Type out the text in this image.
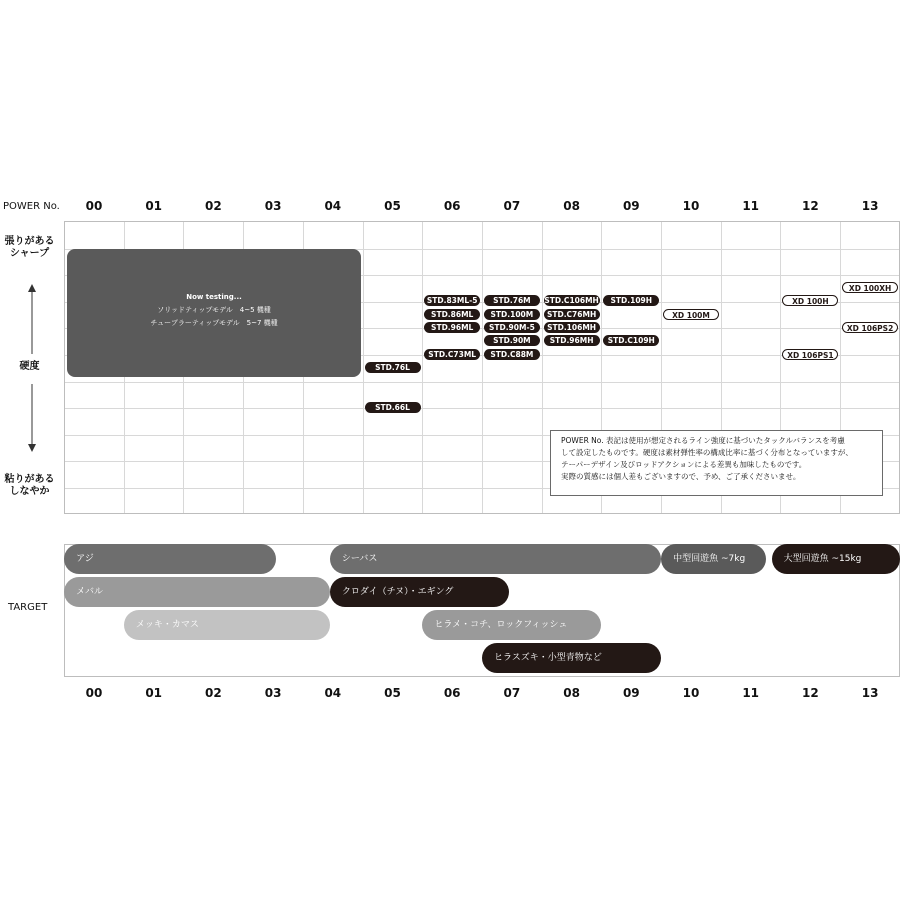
POWER No.	00	01	02	03	04	05	06	07	08	09	10	11	12	13
張りがある
シャープ
硬度
粘りがある
しなやか
Now testing...
ソリッドティップモデル　4~5 機種
チューブラーティップモデル　5~7 機種
STD.83ML-5
STD.86ML
STD.96ML
STD.C73ML
STD.76M
STD.100M
STD.90M-5
STD.90M
STD.C88M
STD.C106MH
STD.C76MH
STD.106MH
STD.96MH
STD.109H
STD.C109H
XD 100M
XD 100H
XD 106PS1
XD 100XH
XD 106PS2
STD.76L
STD.66L
POWER No. 表記は使用が想定されるライン強度に基づいたタックルバランスを考慮
して設定したものです。硬度は素材弾性率の構成比率に基づく分布となっていますが、
テーパーデザイン及びロッドアクションによる差異も加味したものです。
実際の質感には個人差もございますので、予め、ご了承くださいませ。
TARGET
アジ	シーバス	中型回遊魚 ~7kg	大型回遊魚 ~15kg
メバル	クロダイ（チヌ）・エギング
メッキ・カマス	ヒラメ・コチ、ロックフィッシュ
ヒラスズキ・小型青物など
00	01	02	03	04	05	06	07	08	09	10	11	12	13
